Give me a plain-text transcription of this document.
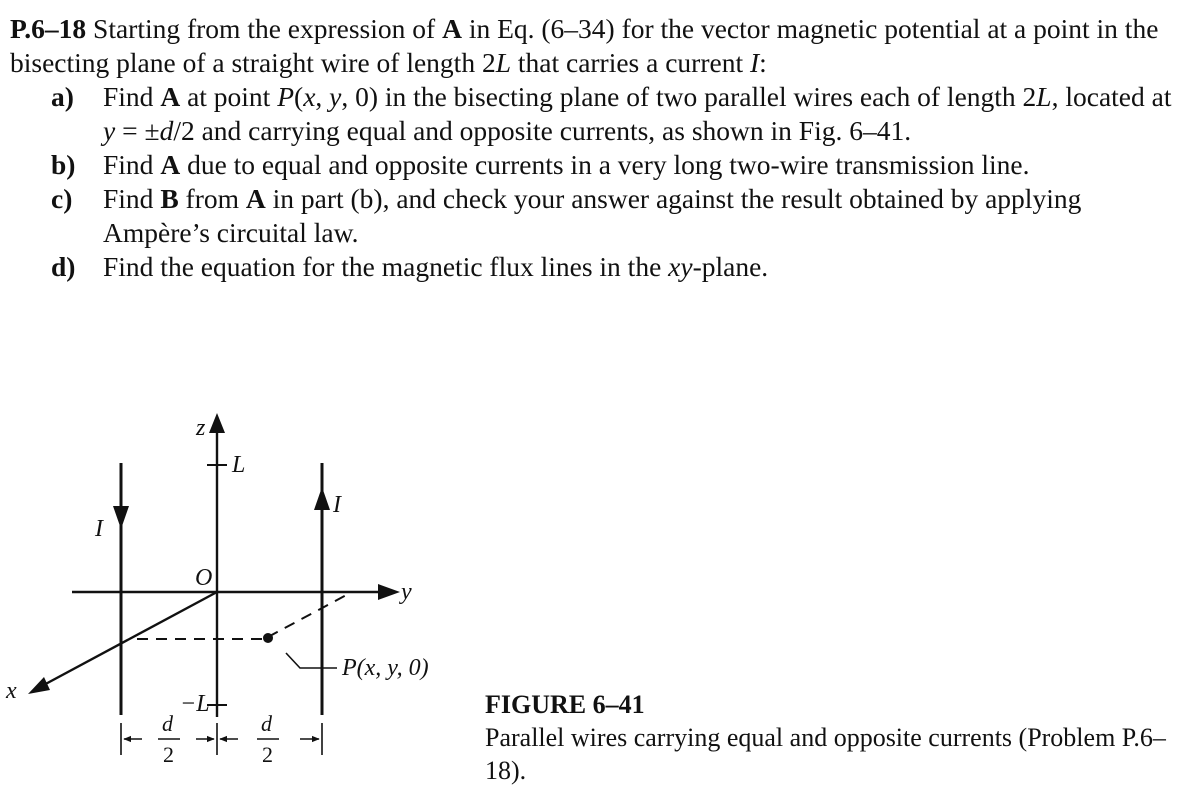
P.6–18 Starting from the expression of A in Eq. (6–34) for the vector magnetic potential at a point in the bisecting plane of a straight wire of length 2L that carries a current I:

a) Find A at point P(x, y, 0) in the bisecting plane of two parallel wires each of length 2L, located at y = ±d/2 and carrying equal and opposite currents, as shown in Fig. 6–41.
b) Find A due to equal and opposite currents in a very long two-wire transmission line.
c) Find B from A in part (b), and check your answer against the result obtained by applying Ampère’s circuital law.
d) Find the equation for the magnetic flux lines in the xy-plane.
z
L
−L
y
x
O
I
I
P(x, y, 0)
d
2
d
2
FIGURE 6–41
Parallel wires carrying equal and opposite currents (Problem P.6–18).
